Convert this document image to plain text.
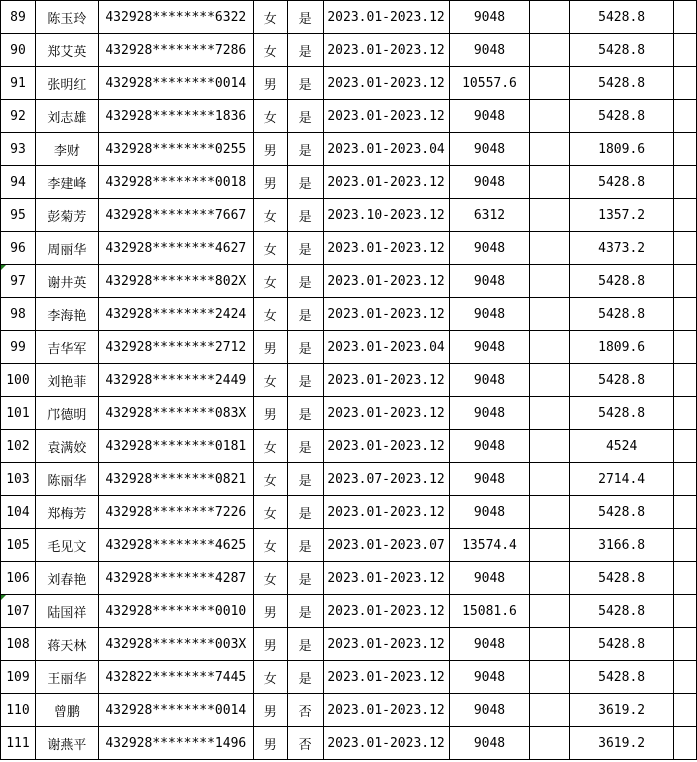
89	陈玉玲	432928********6322	女	是	2023.01-2023.12	9048		5428.8	
90	郑艾英	432928********7286	女	是	2023.01-2023.12	9048		5428.8	
91	张明红	432928********0014	男	是	2023.01-2023.12	10557.6		5428.8	
92	刘志雄	432928********1836	女	是	2023.01-2023.12	9048		5428.8	
93	李财	432928********0255	男	是	2023.01-2023.04	9048		1809.6	
94	李建峰	432928********0018	男	是	2023.01-2023.12	9048		5428.8	
95	彭菊芳	432928********7667	女	是	2023.10-2023.12	6312		1357.2	
96	周丽华	432928********4627	女	是	2023.01-2023.12	9048		4373.2	
97	谢井英	432928********802X	女	是	2023.01-2023.12	9048		5428.8	
98	李海艳	432928********2424	女	是	2023.01-2023.12	9048		5428.8	
99	吉华军	432928********2712	男	是	2023.01-2023.04	9048		1809.6	
100	刘艳菲	432928********2449	女	是	2023.01-2023.12	9048		5428.8	
101	邝德明	432928********083X	男	是	2023.01-2023.12	9048		5428.8	
102	袁满姣	432928********0181	女	是	2023.01-2023.12	9048		4524	
103	陈丽华	432928********0821	女	是	2023.07-2023.12	9048		2714.4	
104	郑梅芳	432928********7226	女	是	2023.01-2023.12	9048		5428.8	
105	毛见文	432928********4625	女	是	2023.01-2023.07	13574.4		3166.8	
106	刘春艳	432928********4287	女	是	2023.01-2023.12	9048		5428.8	
107	陆国祥	432928********0010	男	是	2023.01-2023.12	15081.6		5428.8	
108	蒋天林	432928********003X	男	是	2023.01-2023.12	9048		5428.8	
109	王丽华	432822********7445	女	是	2023.01-2023.12	9048		5428.8	
110	曾鹏	432928********0014	男	否	2023.01-2023.12	9048		3619.2	
111	谢燕平	432928********1496	男	否	2023.01-2023.12	9048		3619.2	
